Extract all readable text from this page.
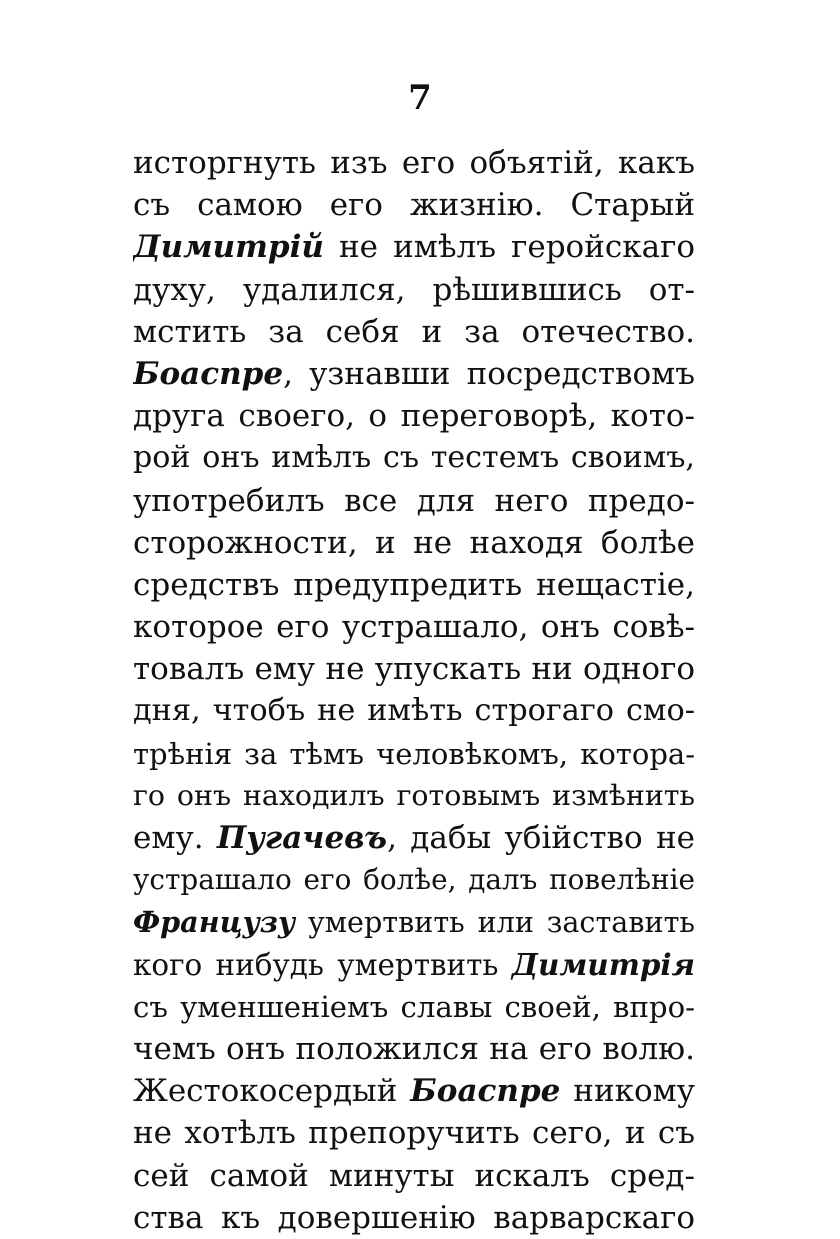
7
исторгнуть изъ его объятій, какъ
съ самою его жизнію. Старый
Димитрій не имѣлъ геройскаго
духу, удалился, рѣшившись от-
мстить за себя и за отечество.
Боаспре, узнавши посредствомъ
друга своего, о переговорѣ, кото-
рой онъ имѣлъ съ тестемъ своимъ,
употребилъ все для него предо-
сторожности, и не находя болѣе
средствъ предупредить нещастіе,
которое его устрашало, онъ совѣ-
товалъ ему не упускать ни одного
дня, чтобъ не имѣть строгаго смо-
трѣнія за тѣмъ человѣкомъ, котора-
го онъ находилъ готовымъ измѣнить
ему. Пугачевъ, дабы убійство не
устрашало его болѣе, далъ повелѣніе
Французу умертвить или заставить
кого нибудь умертвить Димитрія
съ уменшеніемъ славы своей, впро-
чемъ онъ положился на его волю.
Жестокосердый Боаспре никому
не хотѣлъ препоручить сего, и съ
сей самой минуты искалъ сред-
ства къ довершенію варварскаго
